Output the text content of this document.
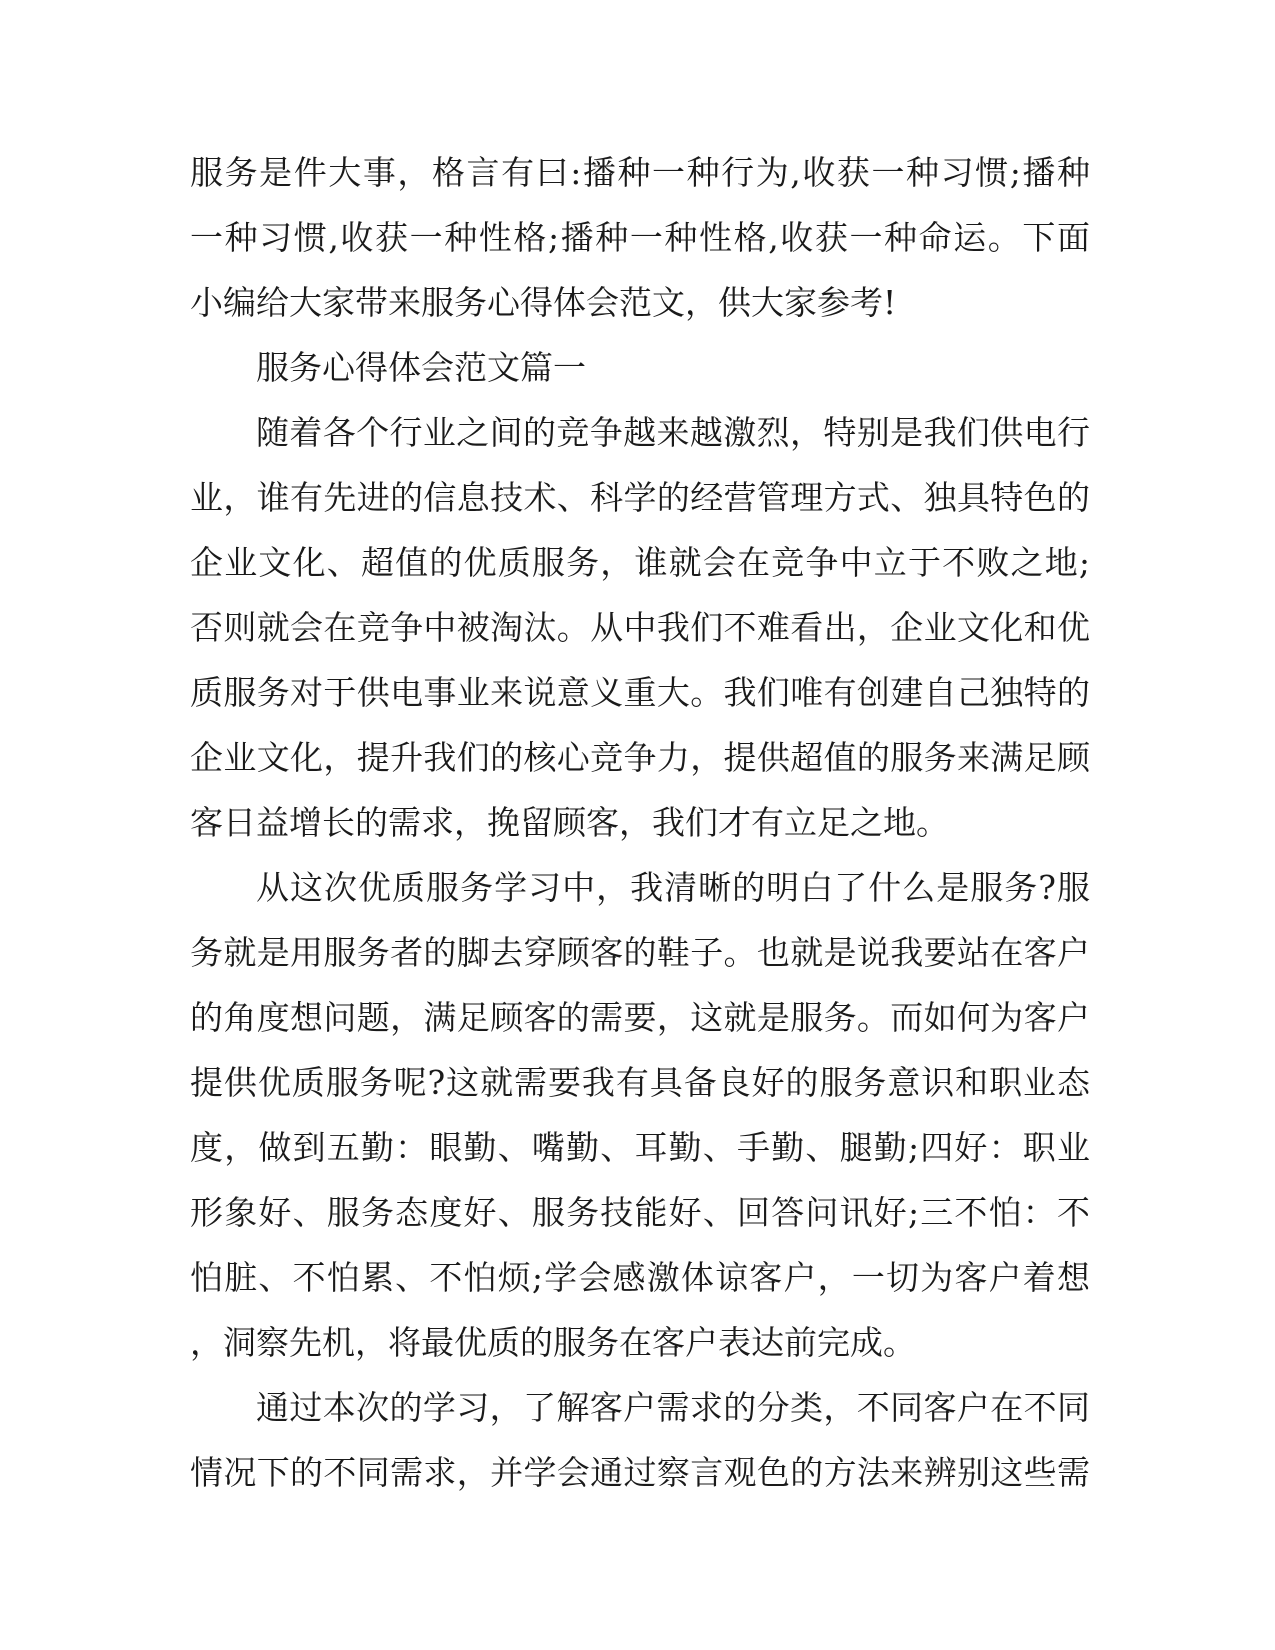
服务是件大事，格言有曰:播种一种行为,收获一种习惯;播种
一种习惯,收获一种性格;播种一种性格,收获一种命运。下面
小编给大家带来服务心得体会范文，供大家参考!
服务心得体会范文篇一
随着各个行业之间的竞争越来越激烈，特别是我们供电行
业，谁有先进的信息技术、科学的经营管理方式、独具特色的
企业文化、超值的优质服务，谁就会在竞争中立于不败之地;
否则就会在竞争中被淘汰。从中我们不难看出，企业文化和优
质服务对于供电事业来说意义重大。我们唯有创建自己独特的
企业文化，提升我们的核心竞争力，提供超值的服务来满足顾
客日益增长的需求，挽留顾客，我们才有立足之地。
从这次优质服务学习中，我清晰的明白了什么是服务?服
务就是用服务者的脚去穿顾客的鞋子。也就是说我要站在客户
的角度想问题，满足顾客的需要，这就是服务。而如何为客户
提供优质服务呢?这就需要我有具备良好的服务意识和职业态
度，做到五勤：眼勤、嘴勤、耳勤、手勤、腿勤;四好：职业
形象好、服务态度好、服务技能好、回答问讯好;三不怕：不
怕脏、不怕累、不怕烦;学会感激体谅客户，一切为客户着想
，洞察先机，将最优质的服务在客户表达前完成。
通过本次的学习，了解客户需求的分类，不同客户在不同
情况下的不同需求，并学会通过察言观色的方法来辨别这些需
